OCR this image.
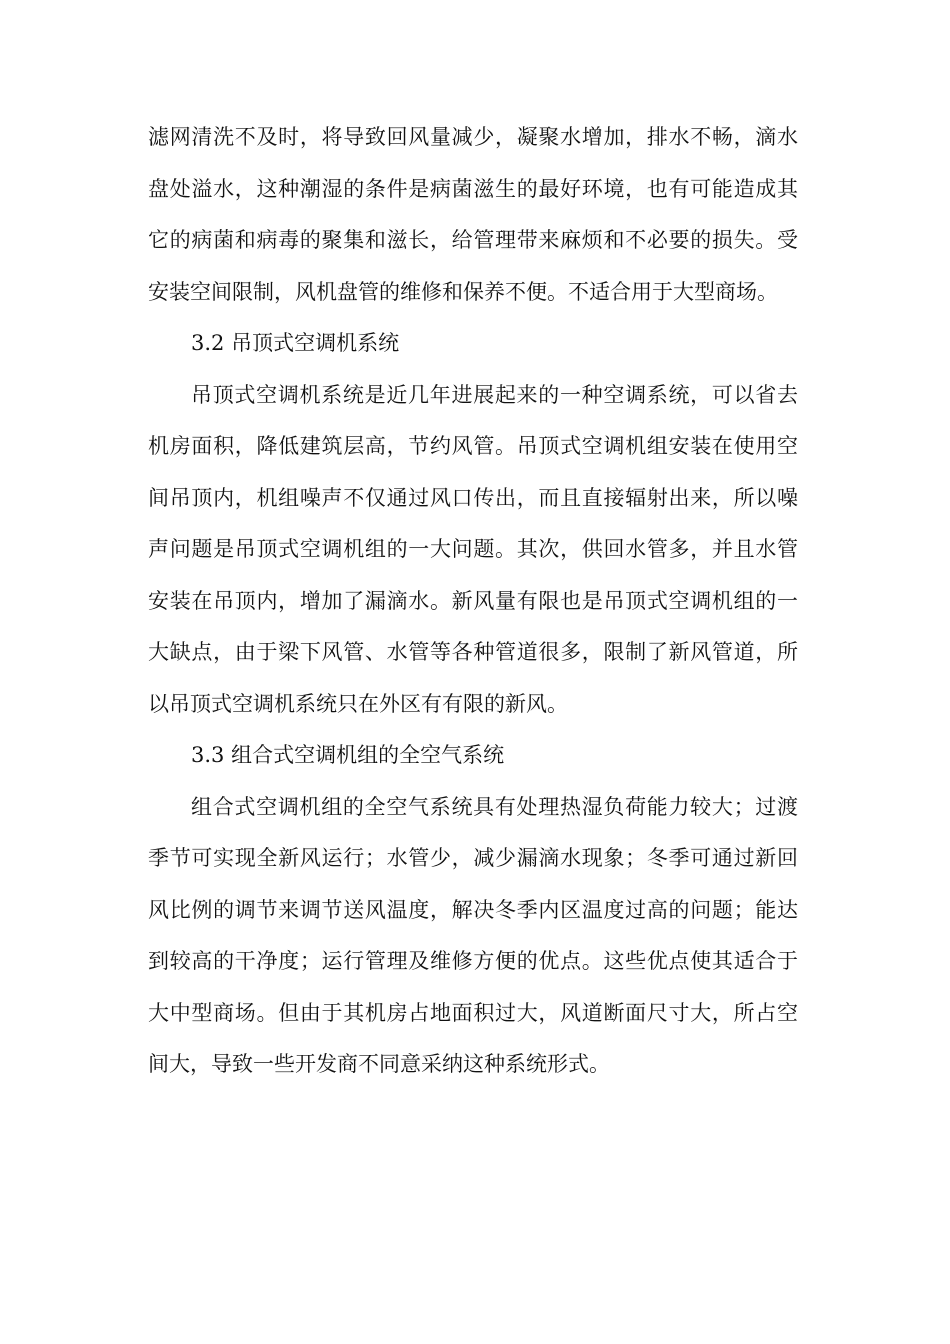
滤网清洗不及时，将导致回风量减少，凝聚水增加，排水不畅，滴水盘处溢水，这种潮湿的条件是病菌滋生的最好环境，也有可能造成其它的病菌和病毒的聚集和滋长，给管理带来麻烦和不必要的损失。受安装空间限制，风机盘管的维修和保养不便。不适合用于大型商场。

3.2 吊顶式空调机系统

吊顶式空调机系统是近几年进展起来的一种空调系统，可以省去机房面积，降低建筑层高，节约风管。吊顶式空调机组安装在使用空间吊顶内，机组噪声不仅通过风口传出，而且直接辐射出来，所以噪声问题是吊顶式空调机组的一大问题。其次，供回水管多，并且水管安装在吊顶内，增加了漏滴水。新风量有限也是吊顶式空调机组的一大缺点，由于梁下风管、水管等各种管道很多，限制了新风管道，所以吊顶式空调机系统只在外区有有限的新风。

3.3 组合式空调机组的全空气系统

组合式空调机组的全空气系统具有处理热湿负荷能力较大；过渡季节可实现全新风运行；水管少，减少漏滴水现象；冬季可通过新回风比例的调节来调节送风温度，解决冬季内区温度过高的问题；能达到较高的干净度；运行管理及维修方便的优点。这些优点使其适合于大中型商场。但由于其机房占地面积过大，风道断面尺寸大，所占空间大，导致一些开发商不同意采纳这种系统形式。
